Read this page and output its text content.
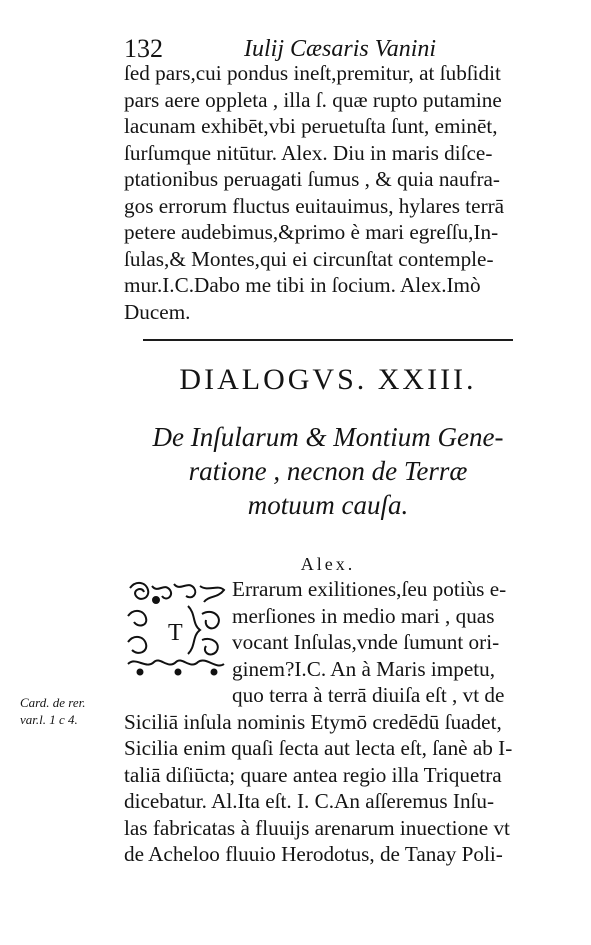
132	Iulij Cæsaris Vanini
ſed pars,cui pondus ineſt,premitur, at ſubſidit
pars aere oppleta , illa ſ. quæ rupto putamine
lacunam exhibēt,vbi peruetuſta ſunt, eminēt,
ſurſumque nitūtur. Alex. Diu in maris diſce-
ptationibus peruagati ſumus , & quia naufra-
gos errorum fluctus euitauimus, hylares terrā
petere audebimus,&primo è mari egreſſu,In-
ſulas,& Montes,qui ei circunſtat contemple-
mur.I.C.Dabo me tibi in ſocium. Alex.Imò
Ducem.
DIALOGVS. XXIII.
De Inſularum & Montium Gene-
ratione , necnon de Terræ
motuum cauſa.
Alex.
T
Errarum exilitiones,ſeu potiùs e-
merſiones in medio mari , quas
vocant Inſulas,vnde ſumunt ori-
ginem?I.C. An à Maris impetu,
quo terra à terrā diuiſa eſt , vt de
Siciliā inſula nominis Etymō credēdū ſuadet,
Sicilia enim quaſi ſecta aut lecta eſt, ſanè ab I-
taliā diſiūcta; quare antea regio illa Triquetra
dicebatur. Al.Ita eſt. I. C.An aſſeremus Inſu-
las fabricatas à fluuijs arenarum inuectione vt
de Acheloo fluuio Herodotus, de Tanay Poli-
Card. de rer.
var.l. 1 c 4.
